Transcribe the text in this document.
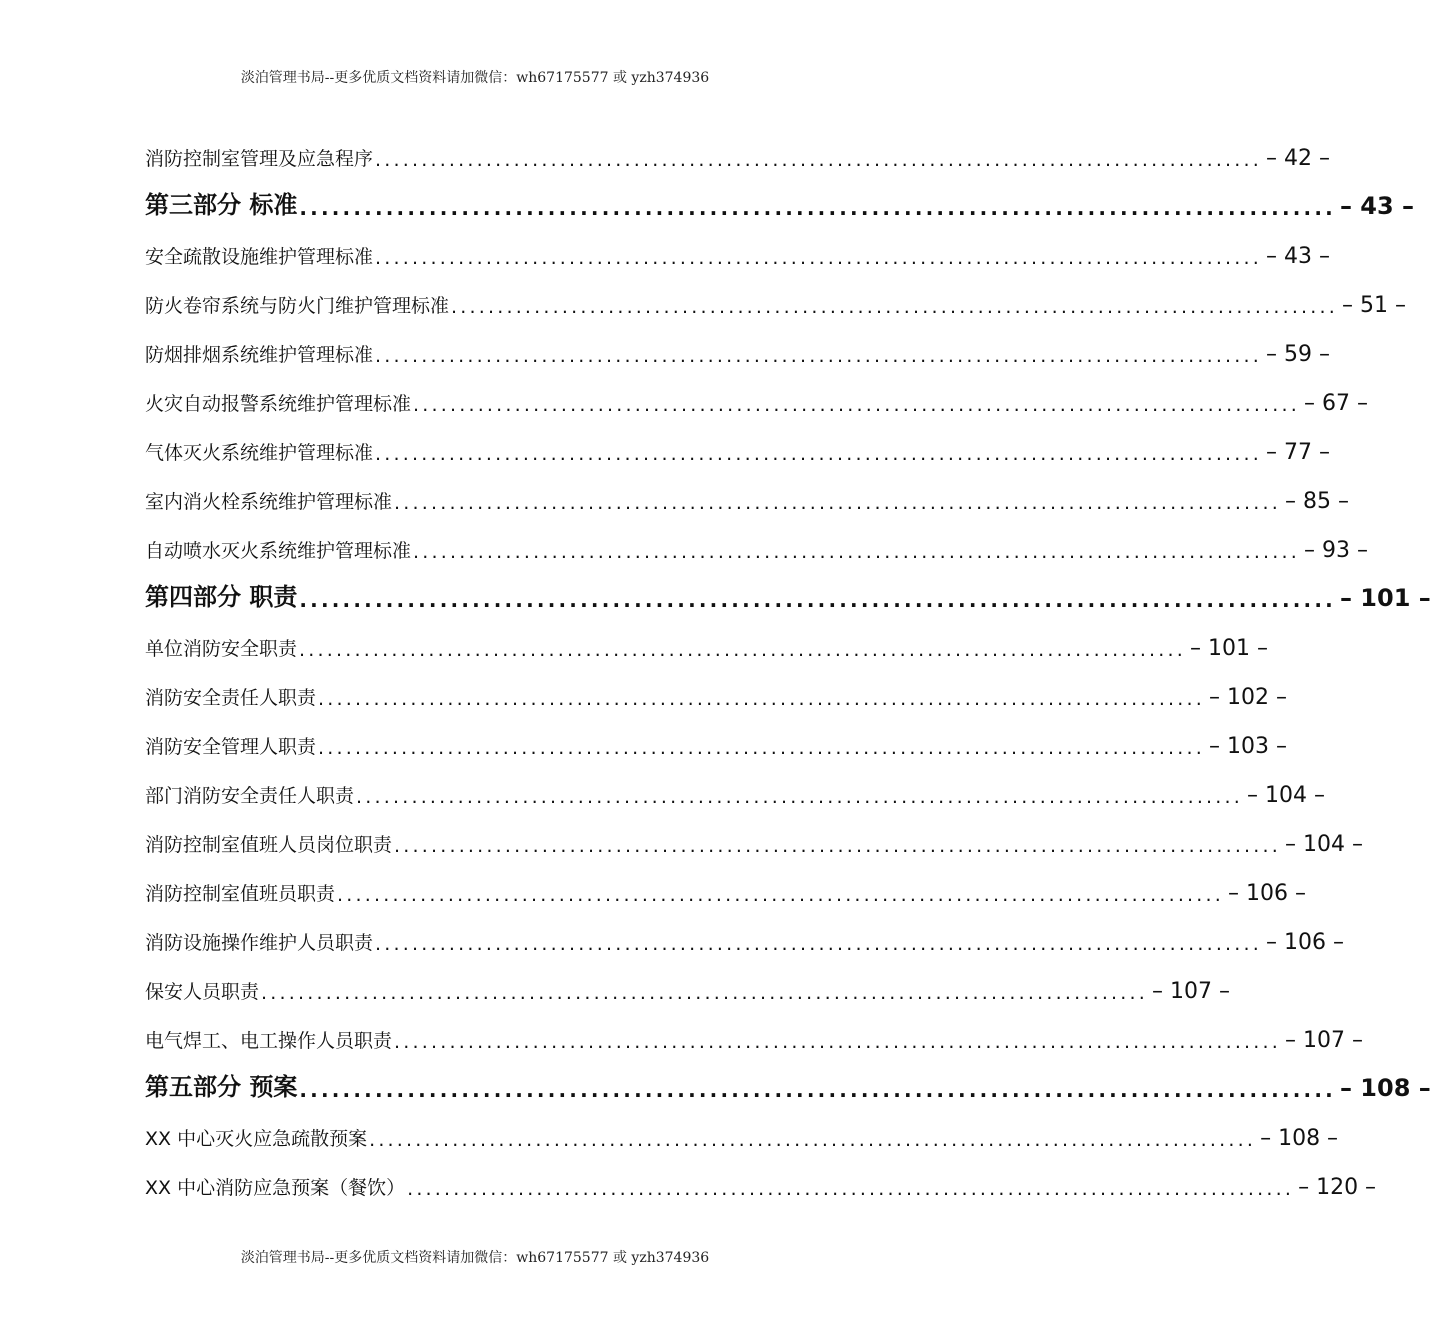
淡泊管理书局--更多优质文档资料请加微信：wh67175577 或 yzh374936
消防控制室管理及应急程序 ................................................................................................ – 42 –
第三部分 标准 ................................................................................................ – 43 –
安全疏散设施维护管理标准 ................................................................................................ – 43 –
防火卷帘系统与防火门维护管理标准 ................................................................................................ – 51 –
防烟排烟系统维护管理标准 ................................................................................................ – 59 –
火灾自动报警系统维护管理标准 ................................................................................................ – 67 –
气体灭火系统维护管理标准 ................................................................................................ – 77 –
室内消火栓系统维护管理标准 ................................................................................................ – 85 –
自动喷水灭火系统维护管理标准 ................................................................................................ – 93 –
第四部分 职责 ................................................................................................ – 101 –
单位消防安全职责 ................................................................................................ – 101 –
消防安全责任人职责 ................................................................................................ – 102 –
消防安全管理人职责 ................................................................................................ – 103 –
部门消防安全责任人职责 ................................................................................................ – 104 –
消防控制室值班人员岗位职责 ................................................................................................ – 104 –
消防控制室值班员职责 ................................................................................................ – 106 –
消防设施操作维护人员职责 ................................................................................................ – 106 –
保安人员职责 ................................................................................................ – 107 –
电气焊工、电工操作人员职责 ................................................................................................ – 107 –
第五部分 预案 ................................................................................................ – 108 –
XX 中心灭火应急疏散预案 ................................................................................................ – 108 –
XX 中心消防应急预案（餐饮） ................................................................................................ – 120 –
淡泊管理书局--更多优质文档资料请加微信：wh67175577 或 yzh374936
